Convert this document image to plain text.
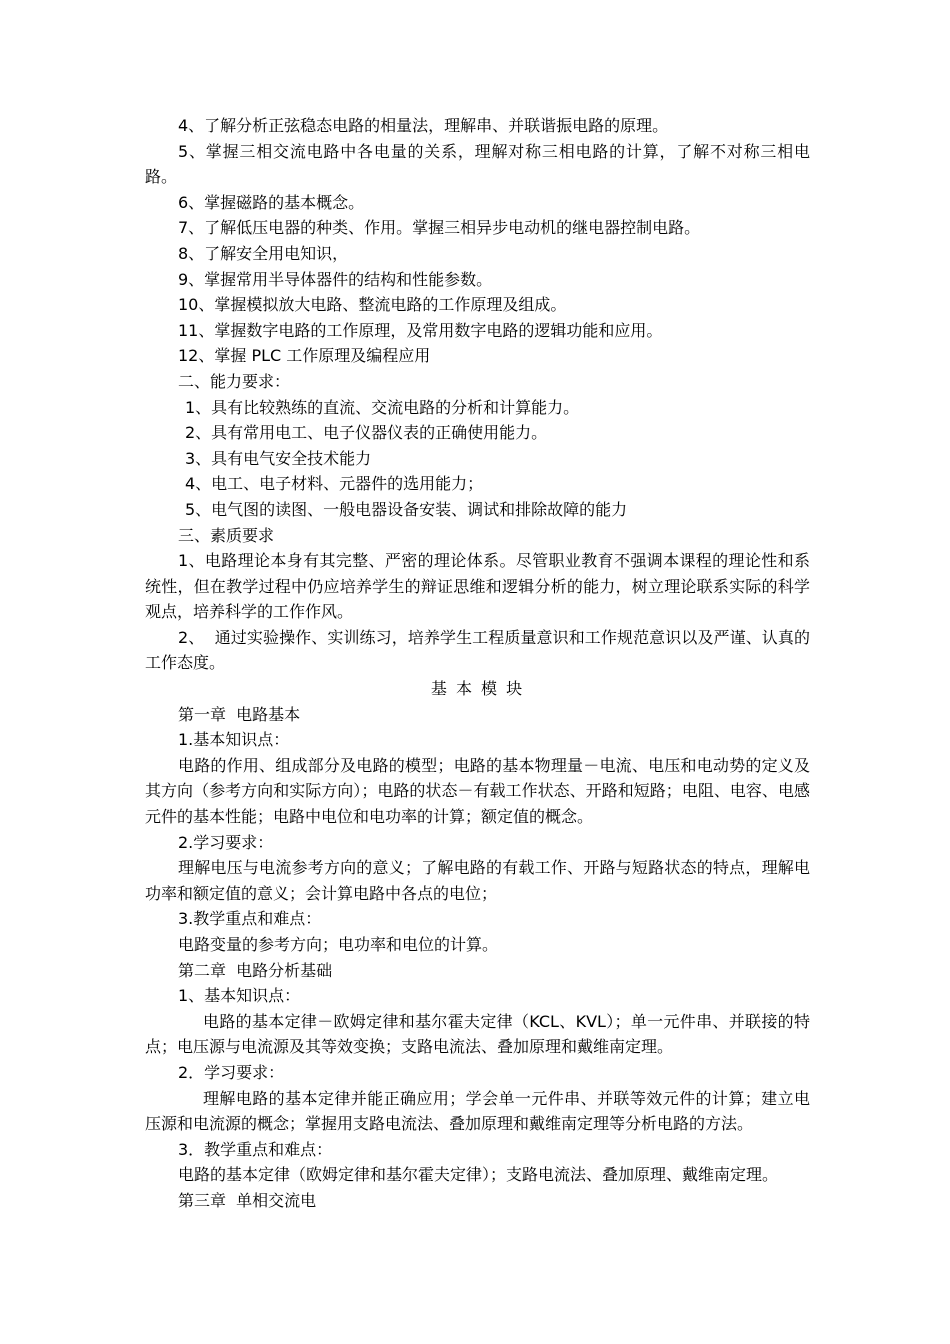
4、了解分析正弦稳态电路的相量法，理解串、并联谐振电路的原理。

5、掌握三相交流电路中各电量的关系，理解对称三相电路的计算，了解不对称三相电路。

6、掌握磁路的基本概念。

7、了解低压电器的种类、作用。掌握三相异步电动机的继电器控制电路。

8、了解安全用电知识，

9、掌握常用半导体器件的结构和性能参数。

10、掌握模拟放大电路、整流电路的工作原理及组成。

11、掌握数字电路的工作原理，及常用数字电路的逻辑功能和应用。

12、掌握 PLC 工作原理及编程应用

二、能力要求：

1、具有比较熟练的直流、交流电路的分析和计算能力。

2、具有常用电工、电子仪器仪表的正确使用能力。

3、具有电气安全技术能力

4、电工、电子材料、元器件的选用能力；

5、电气图的读图、一般电器设备安装、调试和排除故障的能力

三、素质要求

1、电路理论本身有其完整、严密的理论体系。尽管职业教育不强调本课程的理论性和系统性，但在教学过程中仍应培养学生的辩证思维和逻辑分析的能力，树立理论联系实际的科学观点，培养科学的工作作风。

2、  通过实验操作、实训练习，培养学生工程质量意识和工作规范意识以及严谨、认真的工作态度。

基 本 模 块

第一章  电路基本

1.基本知识点：

电路的作用、组成部分及电路的模型；电路的基本物理量－电流、电压和电动势的定义及其方向（参考方向和实际方向）；电路的状态－有载工作状态、开路和短路；电阻、电容、电感元件的基本性能；电路中电位和电功率的计算；额定值的概念。

2.学习要求：

理解电压与电流参考方向的意义；了解电路的有载工作、开路与短路状态的特点，理解电功率和额定值的意义；会计算电路中各点的电位；

3.教学重点和难点：

电路变量的参考方向；电功率和电位的计算。

第二章  电路分析基础

1、基本知识点：

电路的基本定律－欧姆定律和基尔霍夫定律（KCL、KVL）；单一元件串、并联接的特点；电压源与电流源及其等效变换；支路电流法、叠加原理和戴维南定理。

2．学习要求：

理解电路的基本定律并能正确应用；学会单一元件串、并联等效元件的计算；建立电压源和电流源的概念；掌握用支路电流法、叠加原理和戴维南定理等分析电路的方法。

3．教学重点和难点：

电路的基本定律（欧姆定律和基尔霍夫定律）；支路电流法、叠加原理、戴维南定理。

第三章  单相交流电
